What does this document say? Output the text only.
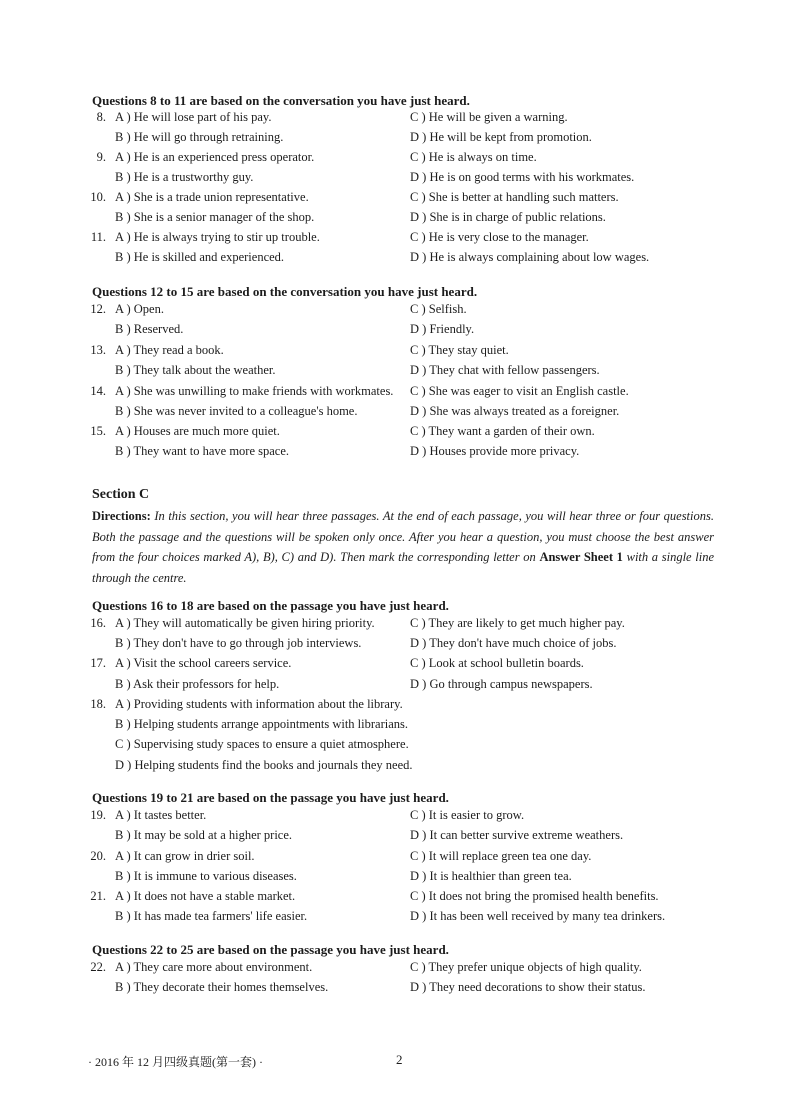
Questions 8 to 11 are based on the conversation you have just heard.
8. A ) He will lose part of his pay.	C ) He will be given a warning.
B ) He will go through retraining.	D ) He will be kept from promotion.
9. A ) He is an experienced press operator.	C ) He is always on time.
B ) He is a trustworthy guy.	D ) He is on good terms with his workmates.
10. A ) She is a trade union representative.	C ) She is better at handling such matters.
B ) She is a senior manager of the shop.	D ) She is in charge of public relations.
11. A ) He is always trying to stir up trouble.	C ) He is very close to the manager.
B ) He is skilled and experienced.	D ) He is always complaining about low wages.
Questions 12 to 15 are based on the conversation you have just heard.
12. A ) Open.	C ) Selfish.
B ) Reserved.	D ) Friendly.
13. A ) They read a book.	C ) They stay quiet.
B ) They talk about the weather.	D ) They chat with fellow passengers.
14. A ) She was unwilling to make friends with workmates. C ) She was eager to visit an English castle.
B ) She was never invited to a colleague's home.	D ) She was always treated as a foreigner.
15. A ) Houses are much more quiet.	C ) They want a garden of their own.
B ) They want to have more space.	D ) Houses provide more privacy.
Section C
Directions: In this section, you will hear three passages. At the end of each passage, you will hear three or four questions. Both the passage and the questions will be spoken only once. After you hear a question, you must choose the best answer from the four choices marked A), B), C) and D). Then mark the corresponding letter on Answer Sheet 1 with a single line through the centre.
Questions 16 to 18 are based on the passage you have just heard.
16. A ) They will automatically be given hiring priority.	C ) They are likely to get much higher pay.
B ) They don't have to go through job interviews.	D ) They don't have much choice of jobs.
17. A ) Visit the school careers service.	C ) Look at school bulletin boards.
B ) Ask their professors for help.	D ) Go through campus newspapers.
18. A ) Providing students with information about the library.
B ) Helping students arrange appointments with librarians.
C ) Supervising study spaces to ensure a quiet atmosphere.
D ) Helping students find the books and journals they need.
Questions 19 to 21 are based on the passage you have just heard.
19. A ) It tastes better.	C ) It is easier to grow.
B ) It may be sold at a higher price.	D ) It can better survive extreme weathers.
20. A ) It can grow in drier soil.	C ) It will replace green tea one day.
B ) It is immune to various diseases.	D ) It is healthier than green tea.
21. A ) It does not have a stable market.	C ) It does not bring the promised health benefits.
B ) It has made tea farmers' life easier.	D ) It has been well received by many tea drinkers.
Questions 22 to 25 are based on the passage you have just heard.
22. A ) They care more about environment.	C ) They prefer unique objects of high quality.
B ) They decorate their homes themselves.	D ) They need decorations to show their status.
· 2016 年 12 月四级真题(第一套) ·	2
